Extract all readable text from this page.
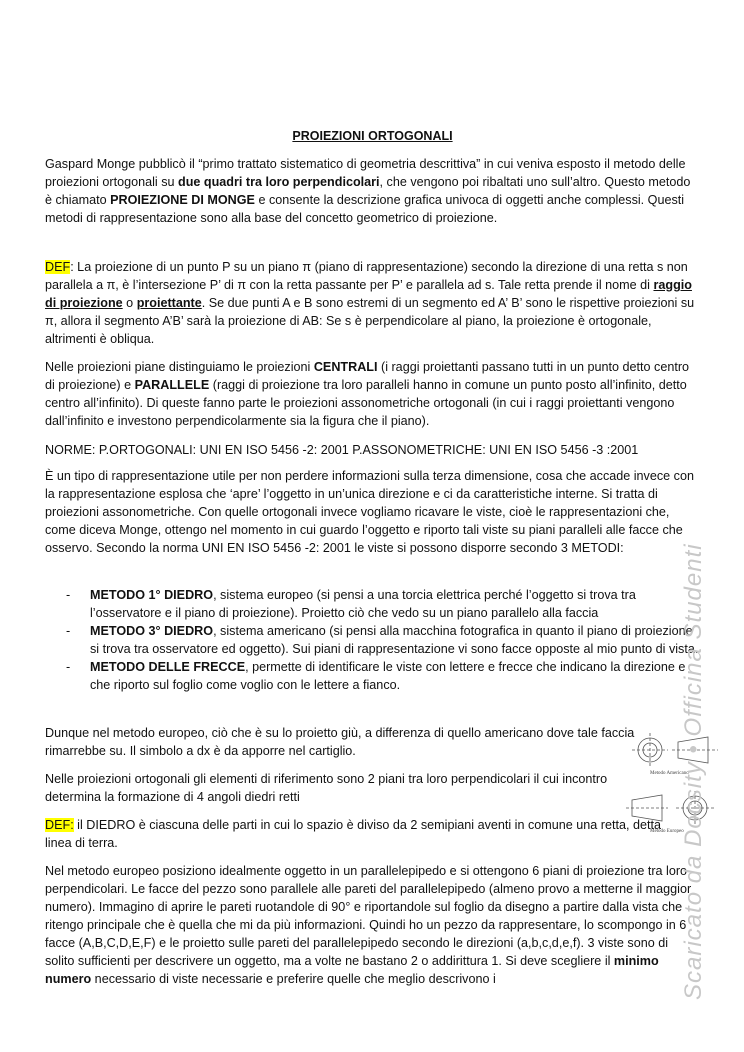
PROIEZIONI ORTOGONALI

Gaspard Monge pubblicò il “primo trattato sistematico di geometria descrittiva” in cui veniva esposto il metodo delle proiezioni ortogonali su due quadri tra loro perpendicolari, che vengono poi ribaltati uno sull’altro. Questo metodo è chiamato PROIEZIONE DI MONGE e consente la descrizione grafica univoca di oggetti anche complessi. Questi metodi di rappresentazione sono alla base del concetto geometrico di proiezione.

DEF: La proiezione di un punto P su un piano π (piano di rappresentazione) secondo la direzione di una retta s non parallela a π, è l’intersezione P’ di π con la retta passante per P’ e parallela ad s. Tale retta prende il nome di raggio di proiezione o proiettante. Se due punti A e B sono estremi di un segmento ed A’ B’ sono le rispettive proiezioni su π, allora il segmento A’B’ sarà la proiezione di AB: Se s è perpendicolare al piano, la proiezione è ortogonale, altrimenti è obliqua.

Nelle proiezioni piane distinguiamo le proiezioni CENTRALI (i raggi proiettanti passano tutti in un punto detto centro di proiezione) e PARALLELE (raggi di proiezione tra loro paralleli hanno in comune un punto posto all’infinito, detto centro all’infinito). Di queste fanno parte le proiezioni assonometriche ortogonali (in cui i raggi proiettanti vengono dall’infinito e investono perpendicolarmente sia la figura che il piano).

NORME: P.ORTOGONALI: UNI EN ISO 5456 -2: 2001 P.ASSONOMETRICHE: UNI EN ISO 5456 -3 :2001

È un tipo di rappresentazione utile per non perdere informazioni sulla terza dimensione, cosa che accade invece con la rappresentazione esplosa che ‘apre’ l’oggetto in un’unica direzione e ci da caratteristiche interne. Si tratta di proiezioni assonometriche. Con quelle ortogonali invece vogliamo ricavare le viste, cioè le rappresentazioni che, come diceva Monge, ottengo nel momento in cui guardo l’oggetto e riporto tali viste su piani paralleli alle facce che osservo. Secondo la norma UNI EN ISO 5456 -2: 2001 le viste si possono disporre secondo 3 METODI:

- METODO 1° DIEDRO, sistema europeo (si pensi a una torcia elettrica perché l’oggetto si trova tra l’osservatore e il piano di proiezione). Proietto ciò che vedo su un piano parallelo alla faccia
- METODO 3° DIEDRO, sistema americano (si pensi alla macchina fotografica in quanto il piano di proiezione si trova tra osservatore ed oggetto). Sui piani di rappresentazione vi sono facce opposte al mio punto di vista.
- METODO DELLE FRECCE, permette di identificare le viste con lettere e frecce che indicano la direzione e che riporto sul foglio come voglio con le lettere a fianco.

Dunque nel metodo europeo, ciò che è su lo proietto giù, a differenza di quello americano dove tale faccia rimarrebbe su. Il simbolo a dx è da apporre nel cartiglio.

Nelle proiezioni ortogonali gli elementi di riferimento sono 2 piani tra loro perpendicolari il cui incontro determina la formazione di 4 angoli diedri retti

DEF: il DIEDRO è ciascuna delle parti in cui lo spazio è diviso da 2 semipiani aventi in comune una retta, detta linea di terra.

Nel metodo europeo posiziono idealmente oggetto in un parallelepipedo e si ottengono 6 piani di proiezione tra loro perpendicolari. Le facce del pezzo sono parallele alle pareti del parallelepipedo (almeno provo a metterne il maggior numero). Immagino di aprire le pareti ruotandole di 90° e riportandole sul foglio da disegno a partire dalla vista che ritengo principale che è quella che mi da più informazioni. Quindi ho un pezzo da rappresentare, lo scompongo in 6 facce (A,B,C,D,E,F) e le proietto sulle pareti del parallelepipedo secondo le direzioni (a,b,c,d,e,f). 3 viste sono di solito sufficienti per descrivere un oggetto, ma a volte ne bastano 2 o addirittura 1. Si deve scegliere il minimo numero necessario di viste necessarie e preferire quelle che meglio descrivono i

Metodo Americano
Metodo Europeo
Scaricato da Docsity • Officina Studenti
